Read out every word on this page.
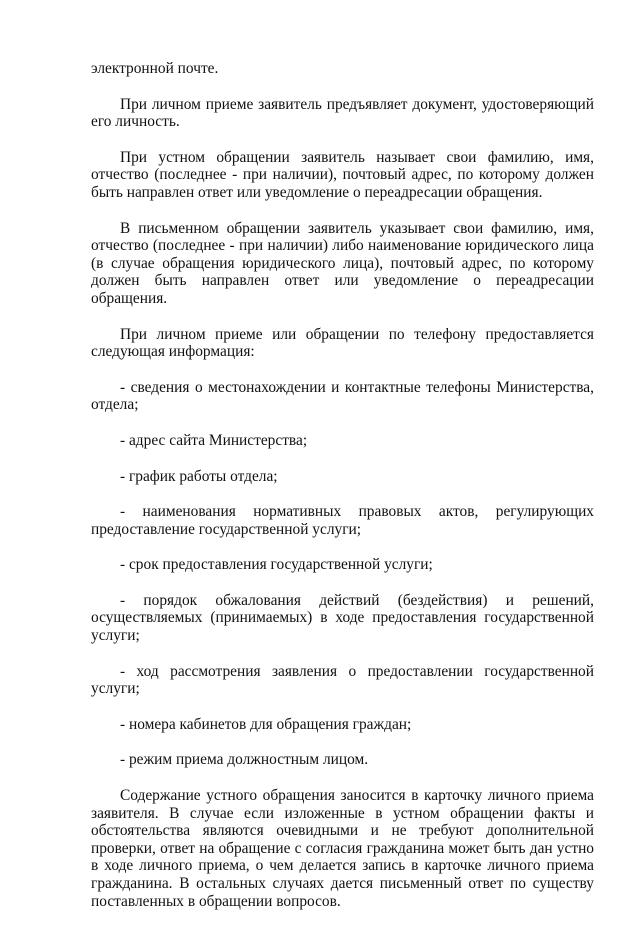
электронной почте.

При личном приеме заявитель предъявляет документ, удостоверяющий его личность.

При устном обращении заявитель называет свои фамилию, имя, отчество (последнее - при наличии), почтовый адрес, по которому должен быть направлен ответ или уведомление о переадресации обращения.

В письменном обращении заявитель указывает свои фамилию, имя, отчество (последнее - при наличии) либо наименование юридического лица (в случае обращения юридического лица), почтовый адрес, по которому должен быть направлен ответ или уведомление о переадресации обращения.

При личном приеме или обращении по телефону предоставляется следующая информация:

- сведения о местонахождении и контактные телефоны Министерства, отдела;

- адрес сайта Министерства;

- график работы отдела;

- наименования нормативных правовых актов, регулирующих предоставление государственной услуги;

- срок предоставления государственной услуги;

- порядок обжалования действий (бездействия) и решений, осуществляемых (принимаемых) в ходе предоставления государственной услуги;

- ход рассмотрения заявления о предоставлении государственной услуги;

- номера кабинетов для обращения граждан;

- режим приема должностным лицом.

Содержание устного обращения заносится в карточку личного приема заявителя. В случае если изложенные в устном обращении факты и обстоятельства являются очевидными и не требуют дополнительной проверки, ответ на обращение с согласия гражданина может быть дан устно в ходе личного приема, о чем делается запись в карточке личного приема гражданина. В остальных случаях дается письменный ответ по существу поставленных в обращении вопросов.
